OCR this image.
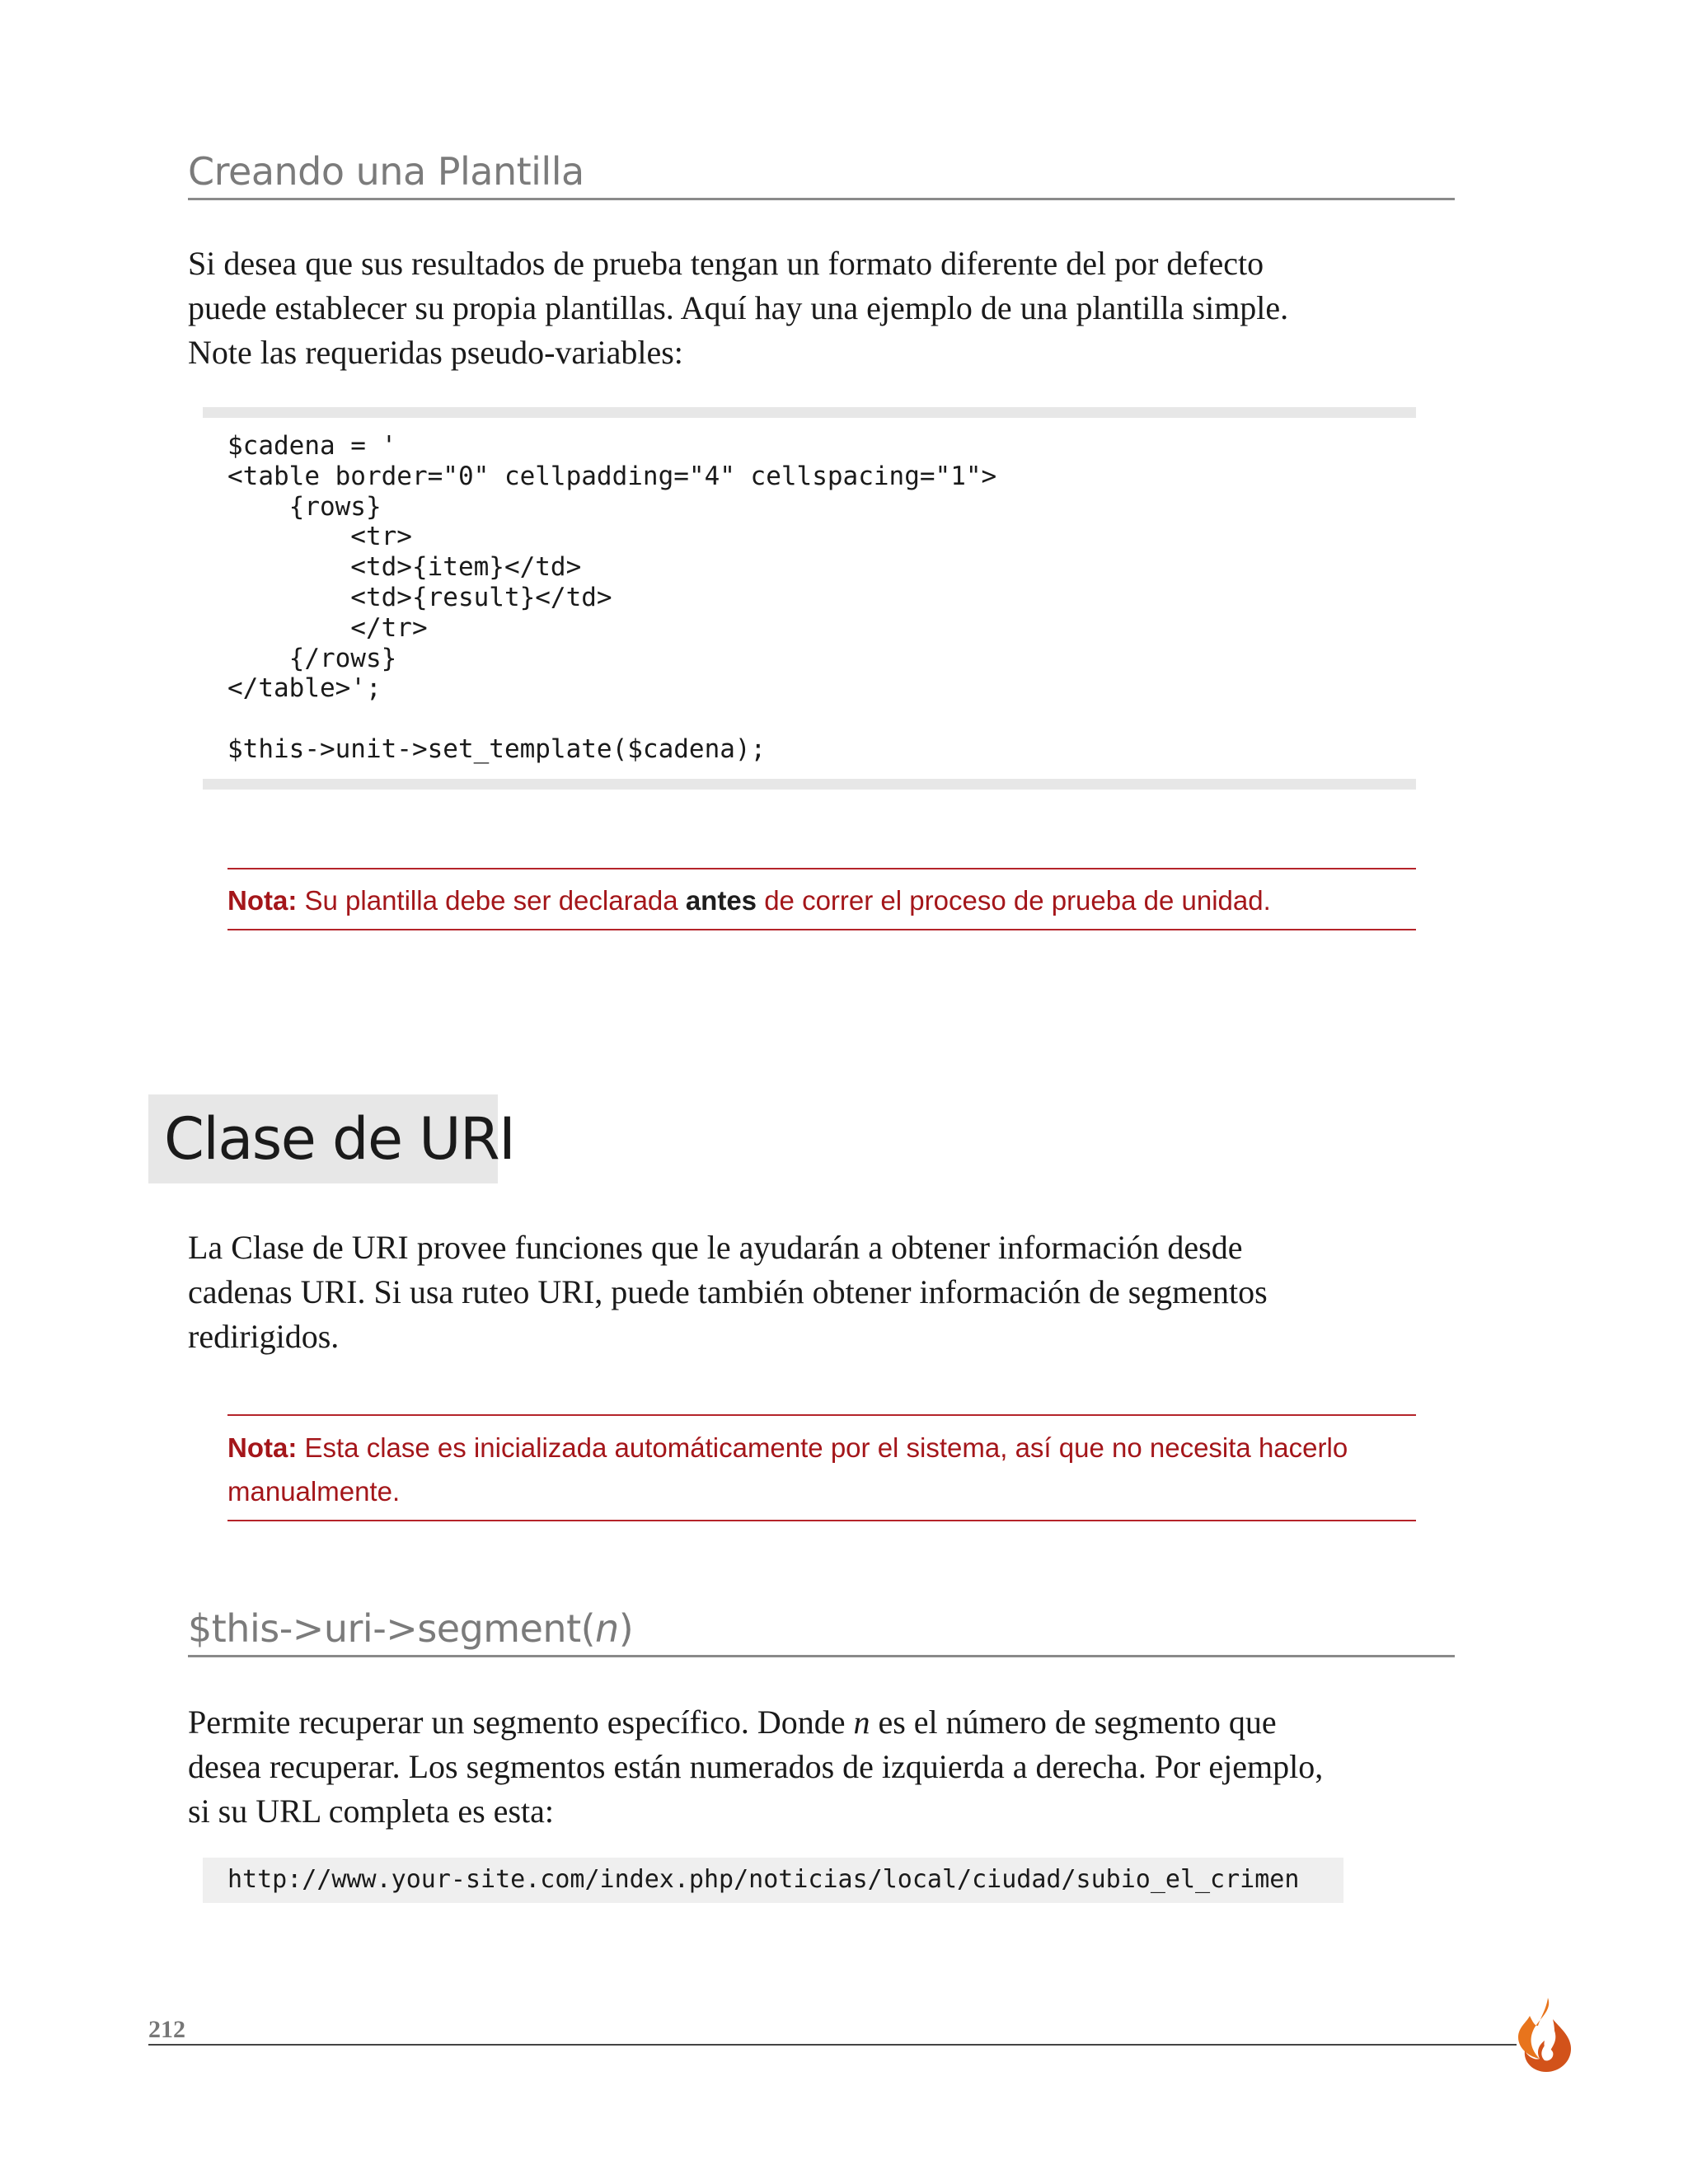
Creando una Plantilla
Si desea que sus resultados de prueba tengan un formato diferente del por defecto
puede establecer su propia plantillas. Aquí hay una ejemplo de una plantilla simple.
Note las requeridas pseudo-variables:
$cadena = '
<table border="0" cellpadding="4" cellspacing="1">
{rows}
<tr>
<td>{item}</td>
<td>{result}</td>
</tr>
{/rows}
</table>';

$this->unit->set_template($cadena);
Nota: Su plantilla debe ser declarada antes de correr el proceso de prueba de unidad.
Clase de URI
La Clase de URI provee funciones que le ayudarán a obtener información desde
cadenas URI. Si usa ruteo URI, puede también obtener información de segmentos
redirigidos.
Nota: Esta clase es inicializada automáticamente por el sistema, así que no necesita hacerlo
manualmente.
$this->uri->segment(n)
Permite recuperar un segmento específico. Donde n es el número de segmento que
desea recuperar. Los segmentos están numerados de izquierda a derecha. Por ejemplo,
si su URL completa es esta:
http://www.your-site.com/index.php/noticias/local/ciudad/subio_el_crimen
212
